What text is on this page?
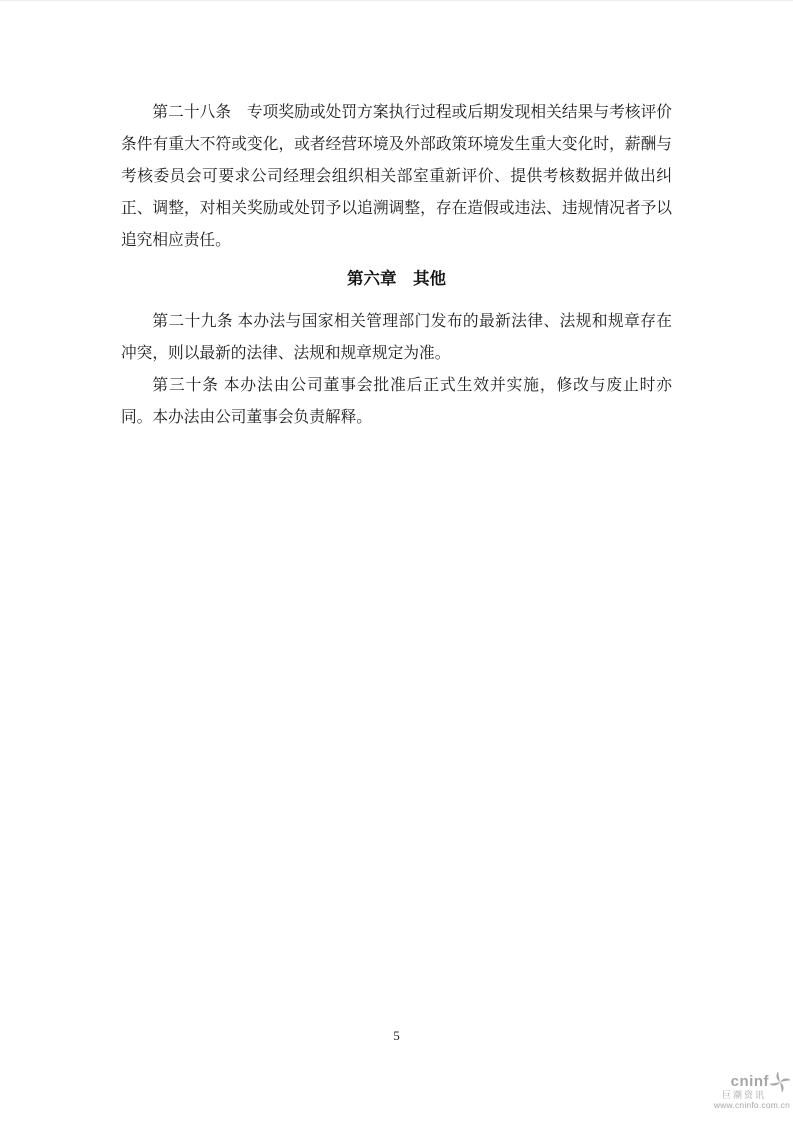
第二十八条　专项奖励或处罚方案执行过程或后期发现相关结果与考核评价条件有重大不符或变化，或者经营环境及外部政策环境发生重大变化时，薪酬与考核委员会可要求公司经理会组织相关部室重新评价、提供考核数据并做出纠正、调整，对相关奖励或处罚予以追溯调整，存在造假或违法、违规情况者予以追究相应责任。

第六章　其他

第二十九条 本办法与国家相关管理部门发布的最新法律、法规和规章存在冲突，则以最新的法律、法规和规章规定为准。

第三十条 本办法由公司董事会批准后正式生效并实施，修改与废止时亦同。本办法由公司董事会负责解释。

5
cninf
巨潮资讯
www.cninfo.com.cn
